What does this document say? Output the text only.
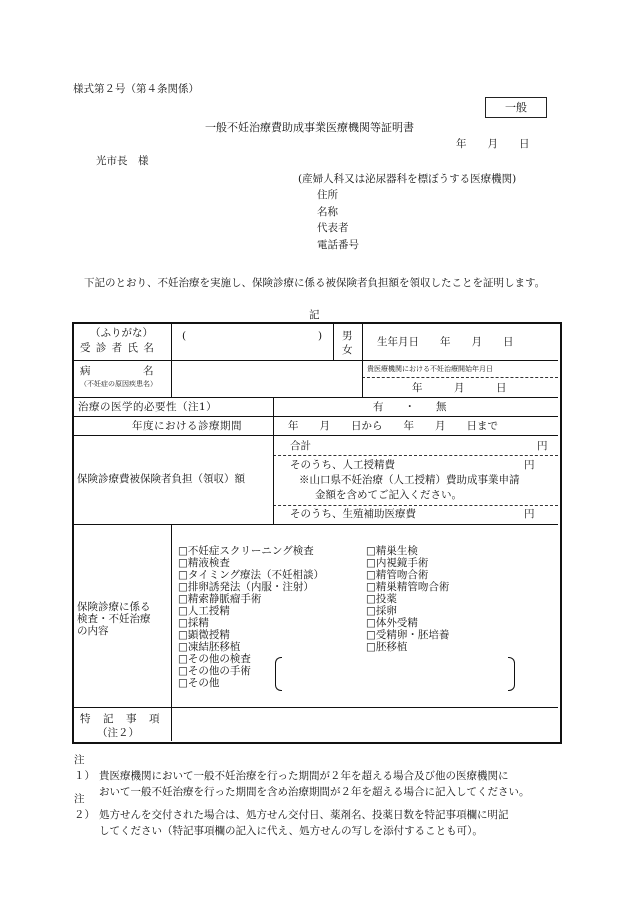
様式第２号（第４条関係）
一般
一般不妊治療費助成事業医療機関等証明書
年　　月　　日
光市長　様
(産婦人科又は泌尿器科を標ぼうする医療機関)
住所
名称
代表者
電話番号
下記のとおり、不妊治療を実施し、保険診療に係る被保険者負担額を領収したことを証明します。
記
（ふりがな）
受 診 者 氏 名
(	) 男
女
生年月日　　年　　月　　日
病　　　　　名
（不妊症の原因疾患名）
貴医療機関における不妊治療開始年月日
年　　　月　　　日
治療の医学的必要性（注1）	有　　・　　無
年度における診療期間	年　　月　　日から　　年　　月　　日まで
保険診療費被保険者負担（領収）額
合計	円
そのうち、人工授精費	円
※山口県不妊治療（人工授精）費助成事業申請
金額を含めてご記入ください。
そのうち、生殖補助医療費	円
保険診療に係る
検査・不妊治療
の内容
□不妊症スクリーニング検査
□精液検査
□タイミング療法（不妊相談）
□排卵誘発法（内服・注射）
□精索静脈瘤手術
□人工授精
□採精
□顕微授精
□凍結胚移植
□その他の検査
□その他の手術
□その他
□精巣生検
□内視鏡手術
□精管吻合術
□精巣精管吻合術
□投薬
□採卵
□体外受精
□受精卵・胚培養
□胚移植
特　記　事　項
（注２）
注１） 貴医療機関において一般不妊治療を行った期間が２年を超える場合及び他の医療機関に
おいて一般不妊治療を行った期間を含め治療期間が２年を超える場合に記入してください。
注２） 処方せんを交付された場合は、処方せん交付日、薬剤名、投薬日数を特記事項欄に明記
してください（特記事項欄の記入に代え、処方せんの写しを添付することも可）。
